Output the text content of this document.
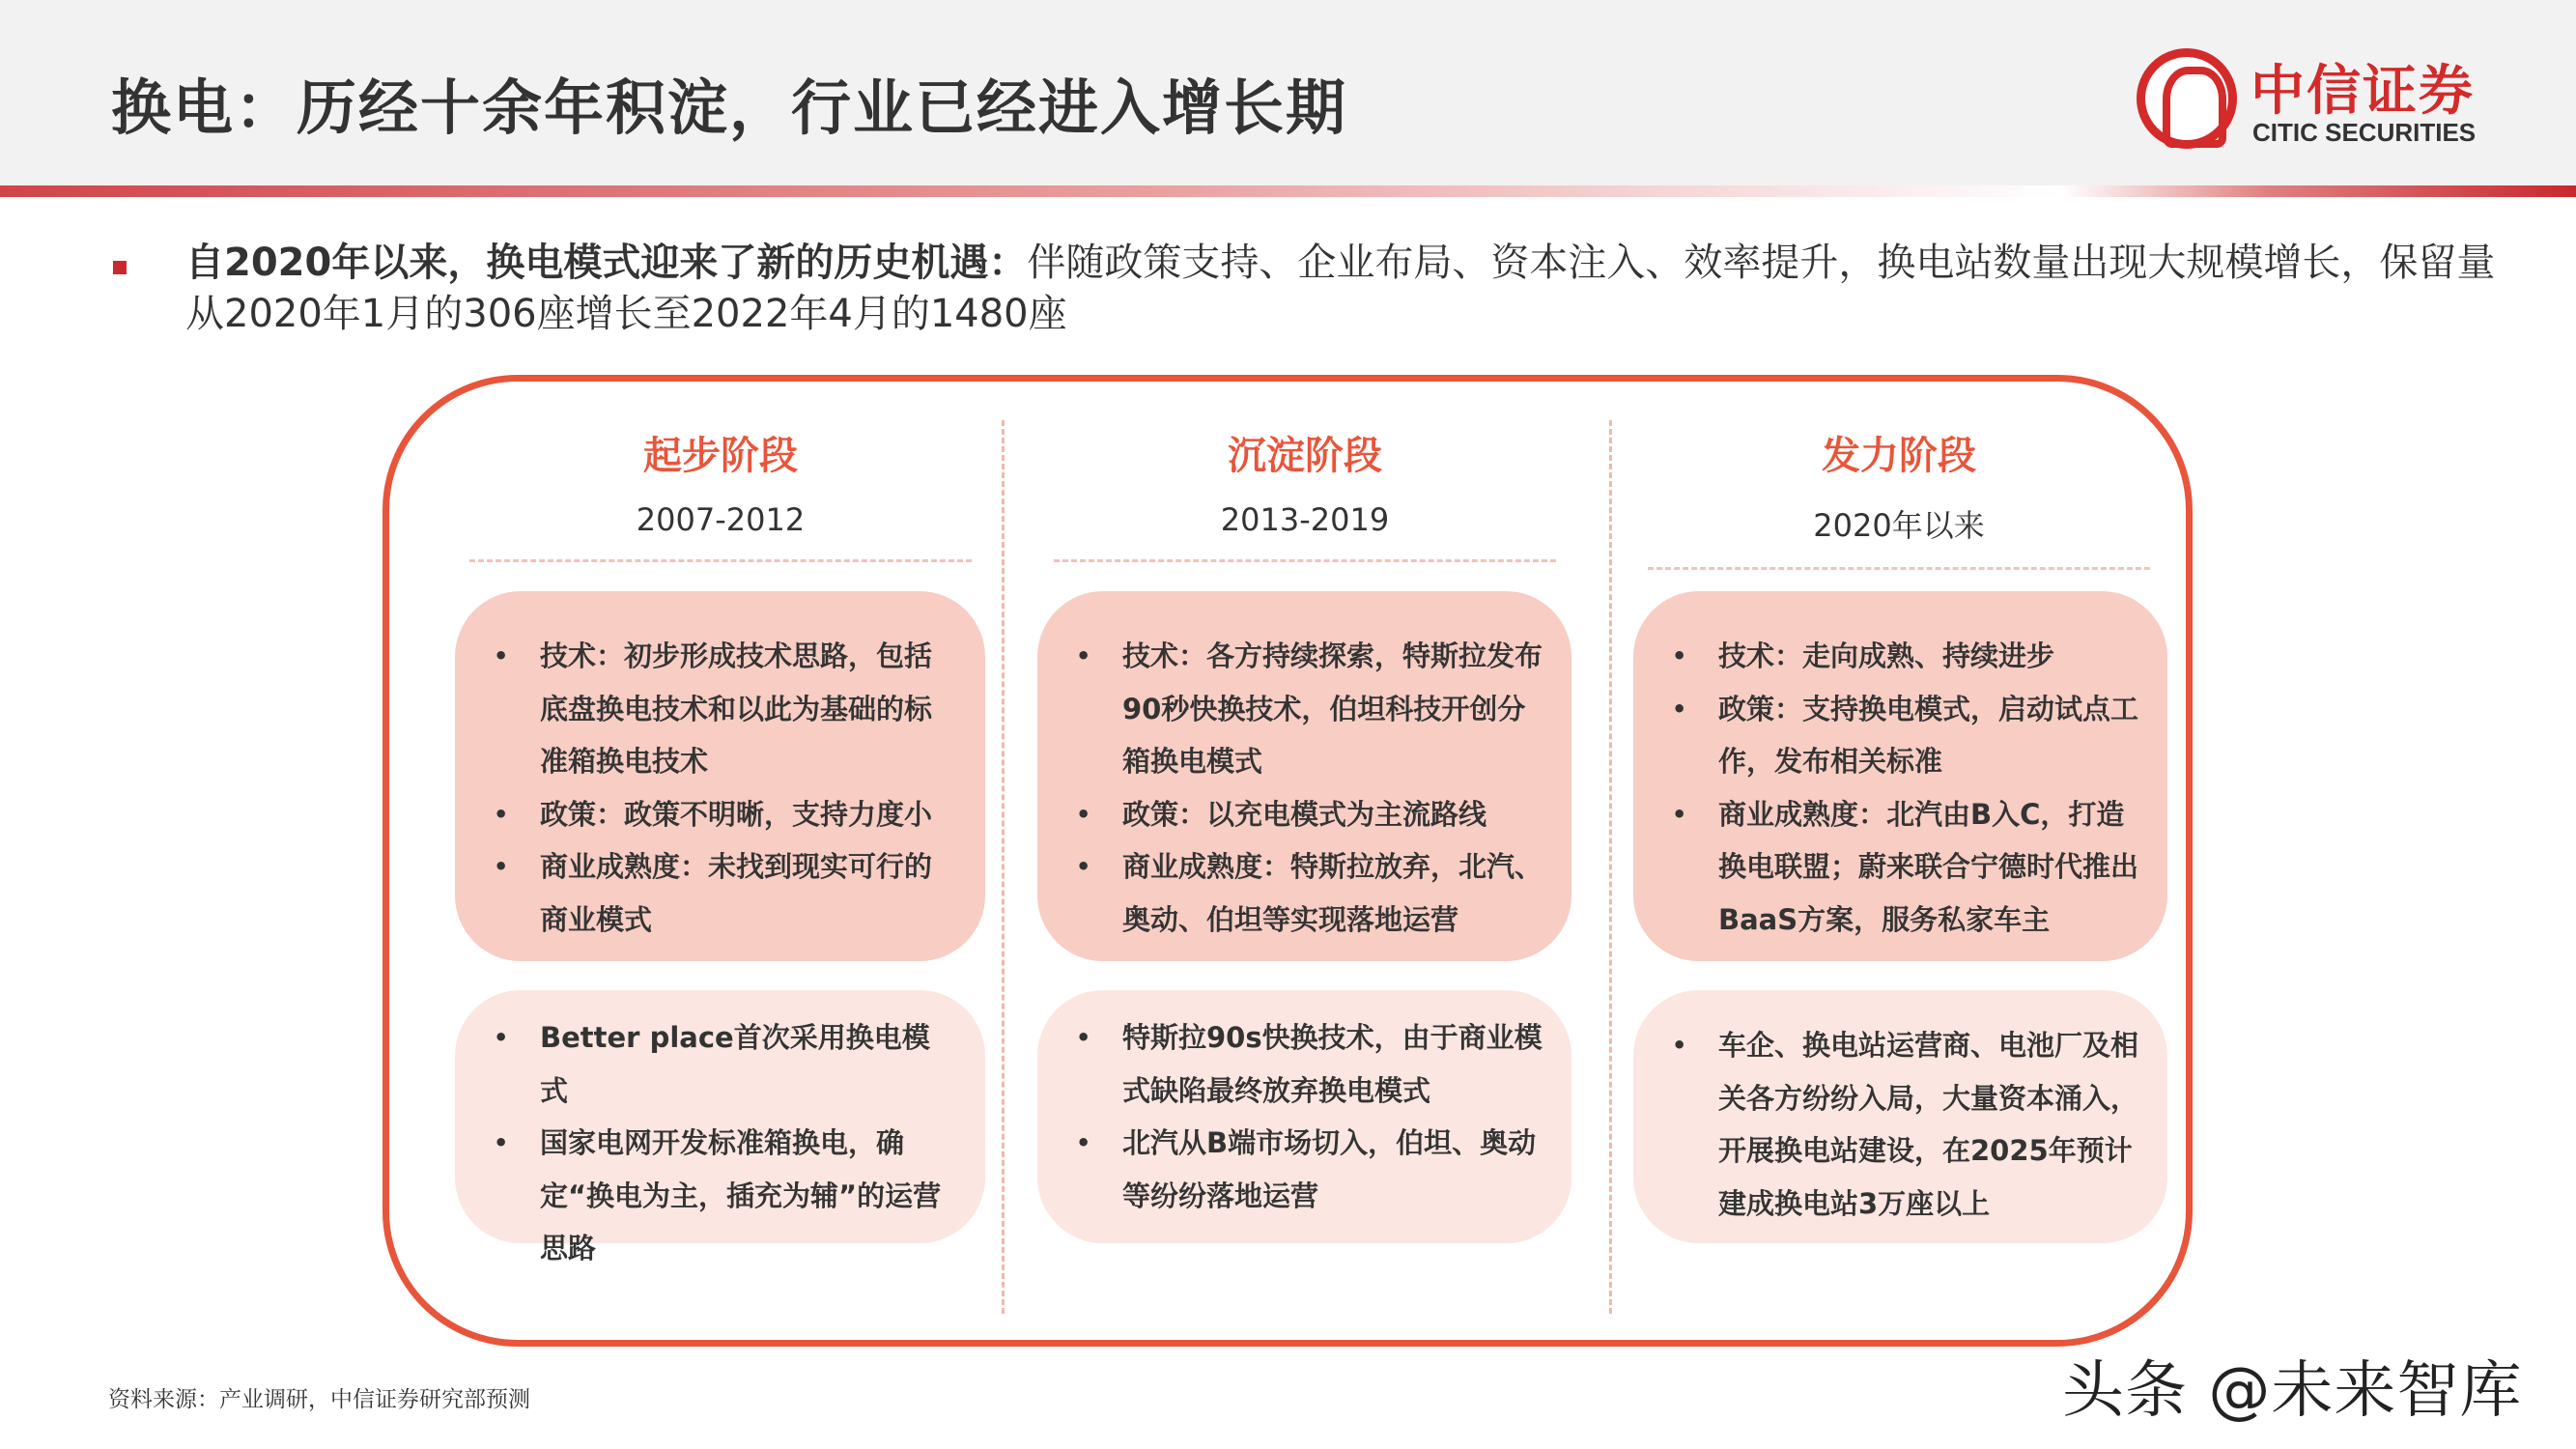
换电：历经十余年积淀，行业已经进入增长期	中信证券
CITIC SECURITIES
自2020年以来，换电模式迎来了新的历史机遇：伴随政策支持、企业布局、资本注入、效率提升，换电站数量出现大规模增长，保留量从2020年1月的306座增长至2022年4月的1480座
起步阶段
2007-2012
• 技术：初步形成技术思路，包括底盘换电技术和以此为基础的标准箱换电技术
• 政策：政策不明晰，支持力度小
• 商业成熟度：未找到现实可行的商业模式
• Better place首次采用换电模式
• 国家电网开发标准箱换电，确定“换电为主，插充为辅”的运营思路
沉淀阶段
2013-2019
• 技术：各方持续探索，特斯拉发布90秒快换技术，伯坦科技开创分箱换电模式
• 政策：以充电模式为主流路线
• 商业成熟度：特斯拉放弃，北汽、奥动、伯坦等实现落地运营
• 特斯拉90s快换技术，由于商业模式缺陷最终放弃换电模式
• 北汽从B端市场切入，伯坦、奥动等纷纷落地运营
发力阶段
2020年以来
• 技术：走向成熟、持续进步
• 政策：支持换电模式，启动试点工作，发布相关标准
• 商业成熟度：北汽由B入C，打造换电联盟；蔚来联合宁德时代推出BaaS方案，服务私家车主
• 车企、换电站运营商、电池厂及相关各方纷纷入局，大量资本涌入，开展换电站建设，在2025年预计建成换电站3万座以上
资料来源：产业调研，中信证券研究部预测	头条 @未来智库
